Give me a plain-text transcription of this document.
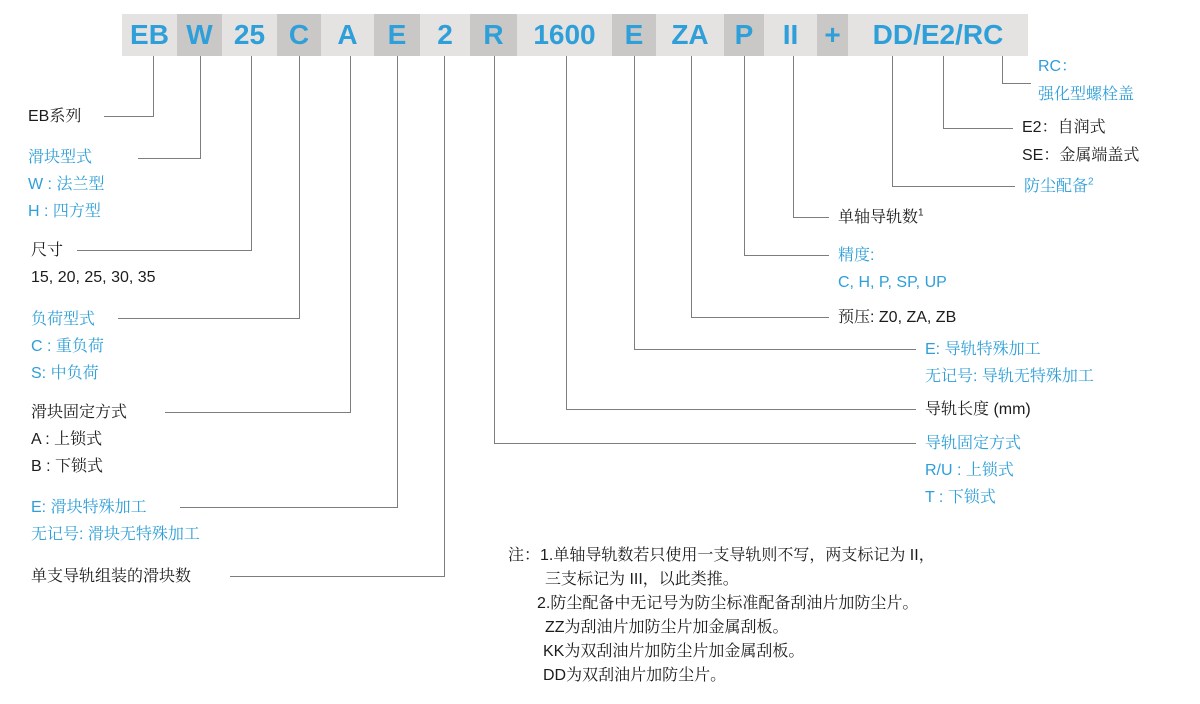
EB W 25 C	A	E	2	R	1600	E ZA P	II +	DD/E2/RC
EB系列
滑块型式
W : 法兰型
H : 四方型
尺寸
15, 20, 25, 30, 35
负荷型式
C : 重负荷
S: 中负荷
滑块固定方式
A : 上锁式
B : 下锁式
E: 滑块特殊加工
无记号: 滑块无特殊加工
单支导轨组装的滑块数
RC：
强化型螺栓盖
E2：自润式
SE：金属端盖式
防尘配备$^2$
单轴导轨数$^1$
精度:
C, H, P, SP, UP
预压: Z0, ZA, ZB
E: 导轨特殊加工
无记号: 导轨无特殊加工
导轨长度 (mm)
导轨固定方式
R/U : 上锁式
T : 下锁式
注：1.单轴导轨数若只使用一支导轨则不写，两支标记为 II，
三支标记为 III，以此类推。
2.防尘配备中无记号为防尘标准配备刮油片加防尘片。
ZZ为刮油片加防尘片加金属刮板。
KK为双刮油片加防尘片加金属刮板。
DD为双刮油片加防尘片。
